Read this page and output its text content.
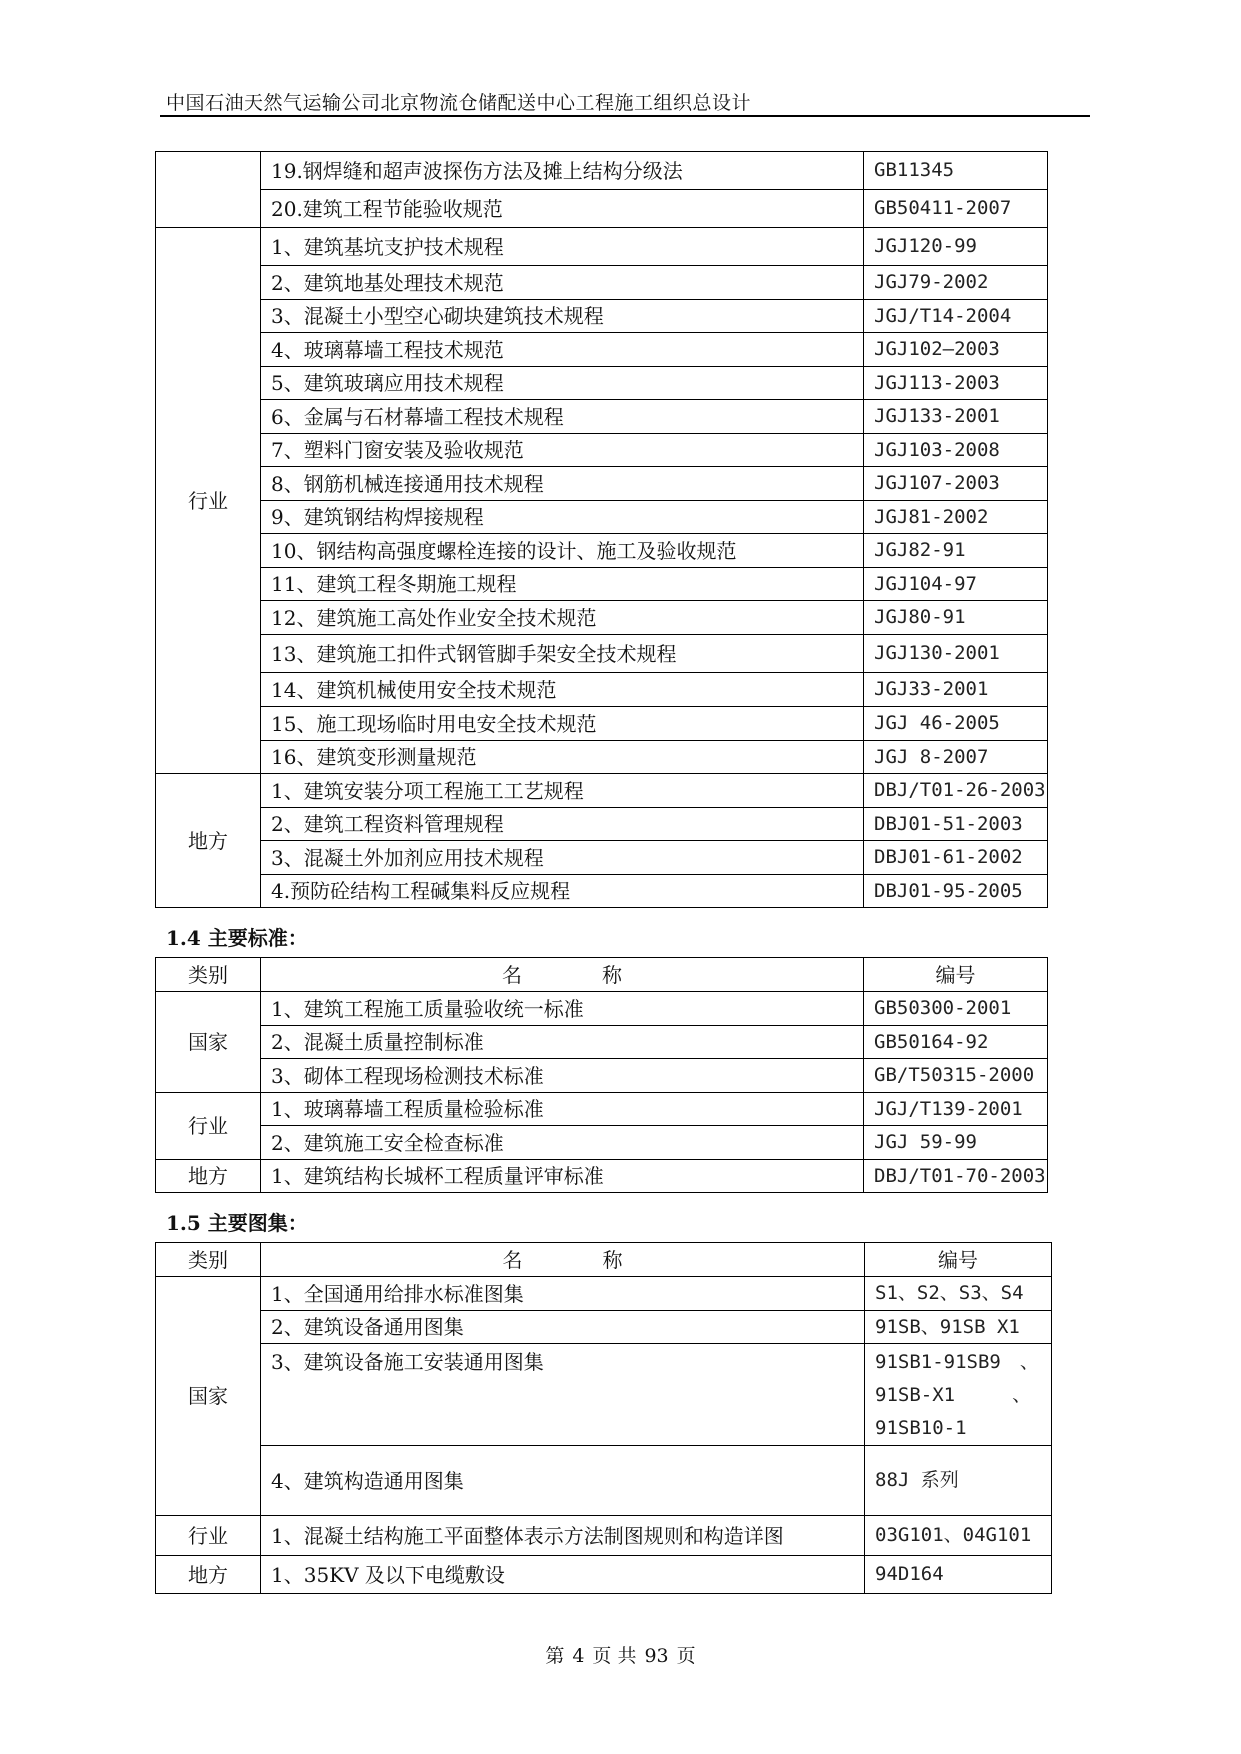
中国石油天然气运输公司北京物流仓储配送中心工程施工组织总设计
	19.钢焊缝和超声波探伤方法及摊上结构分级法	GB11345
	20.建筑工程节能验收规范	GB50411-2007
行业	1、建筑基坑支护技术规程	JGJ120-99
	2、建筑地基处理技术规范	JGJ79-2002
	3、混凝土小型空心砌块建筑技术规程	JGJ/T14-2004
	4、玻璃幕墙工程技术规范	JGJ102—2003
	5、建筑玻璃应用技术规程	JGJ113-2003
	6、金属与石材幕墙工程技术规程	JGJ133-2001
	7、塑料门窗安装及验收规范	JGJ103-2008
	8、钢筋机械连接通用技术规程	JGJ107-2003
	9、建筑钢结构焊接规程	JGJ81-2002
	10、钢结构高强度螺栓连接的设计、施工及验收规范	JGJ82-91
	11、建筑工程冬期施工规程	JGJ104-97
	12、建筑施工高处作业安全技术规范	JGJ80-91
	13、建筑施工扣件式钢管脚手架安全技术规程	JGJ130-2001
	14、建筑机械使用安全技术规范	JGJ33-2001
	15、施工现场临时用电安全技术规范	JGJ 46-2005
	16、建筑变形测量规范	JGJ 8-2007
地方	1、建筑安装分项工程施工工艺规程	DBJ/T01-26-2003
	2、建筑工程资料管理规程	DBJ01-51-2003
	3、混凝土外加剂应用技术规程	DBJ01-61-2002
	4.预防砼结构工程碱集料反应规程	DBJ01-95-2005
1.4 主要标准：
类别	名　　　　称	编号
国家	1、建筑工程施工质量验收统一标准	GB50300-2001
	2、混凝土质量控制标准	GB50164-92
	3、砌体工程现场检测技术标准	GB/T50315-2000
行业	1、玻璃幕墙工程质量检验标准	JGJ/T139-2001
	2、建筑施工安全检查标准	JGJ 59-99
地方	1、建筑结构长城杯工程质量评审标准	DBJ/T01-70-2003
1.5 主要图集：
类别	名　　　　称	编号
国家	1、全国通用给排水标准图集	S1、S2、S3、S4
	2、建筑设备通用图集	91SB、91SB X1
	3、建筑设备施工安装通用图集	91SB1-91SB9　、91SB-X1　　　、91SB10-1
	4、建筑构造通用图集	88J 系列
行业	1、混凝土结构施工平面整体表示方法制图规则和构造详图	03G101、04G101
地方	1、35KV 及以下电缆敷设	94D164
第 4 页 共 93 页
